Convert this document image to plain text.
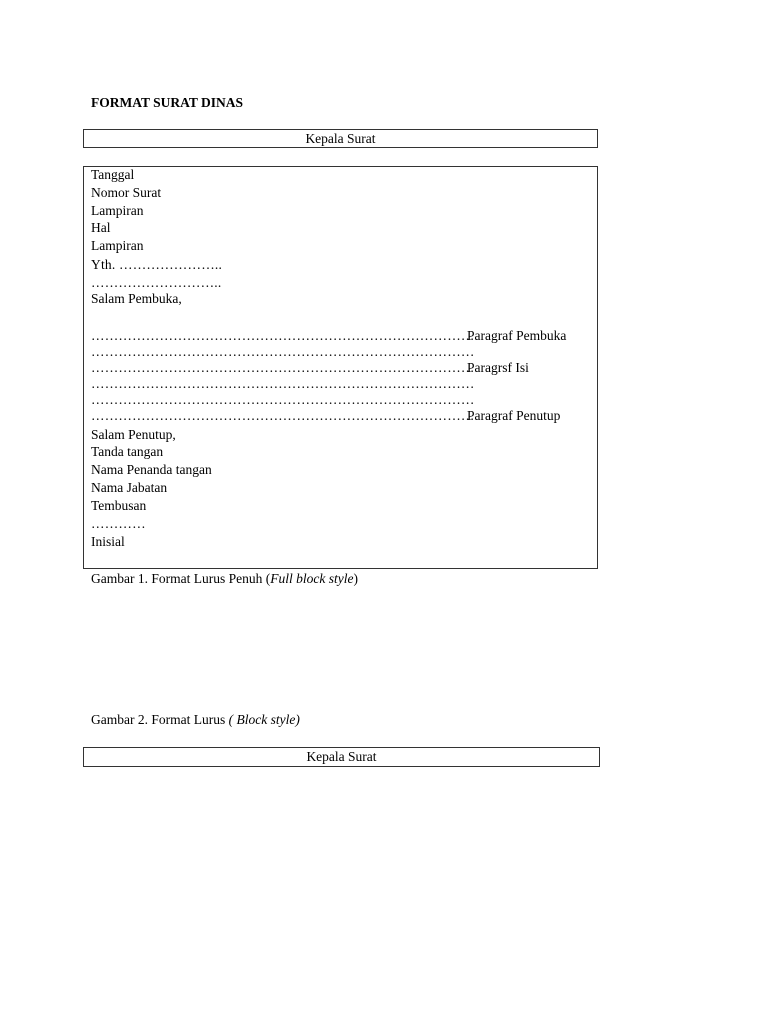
FORMAT SURAT DINAS
Kepala Surat
Tanggal
Nomor Surat
Lampiran
Hal
Lampiran
Yth. …………………..
………………………..
Salam Pembuka,
…………………………………………………………………………
Paragraf Pembuka
…………………………………………………………………………
…………………………………………………………………………
Paragrsf Isi
…………………………………………………………………………
…………………………………………………………………………
…………………………………………………………………………
Paragraf Penutup
Salam Penutup,
Tanda tangan
Nama Penanda tangan
Nama Jabatan
Tembusan
…………
Inisial
Gambar 1. Format Lurus Penuh (Full block style)
Gambar 2. Format Lurus ( Block style)
Kepala Surat
